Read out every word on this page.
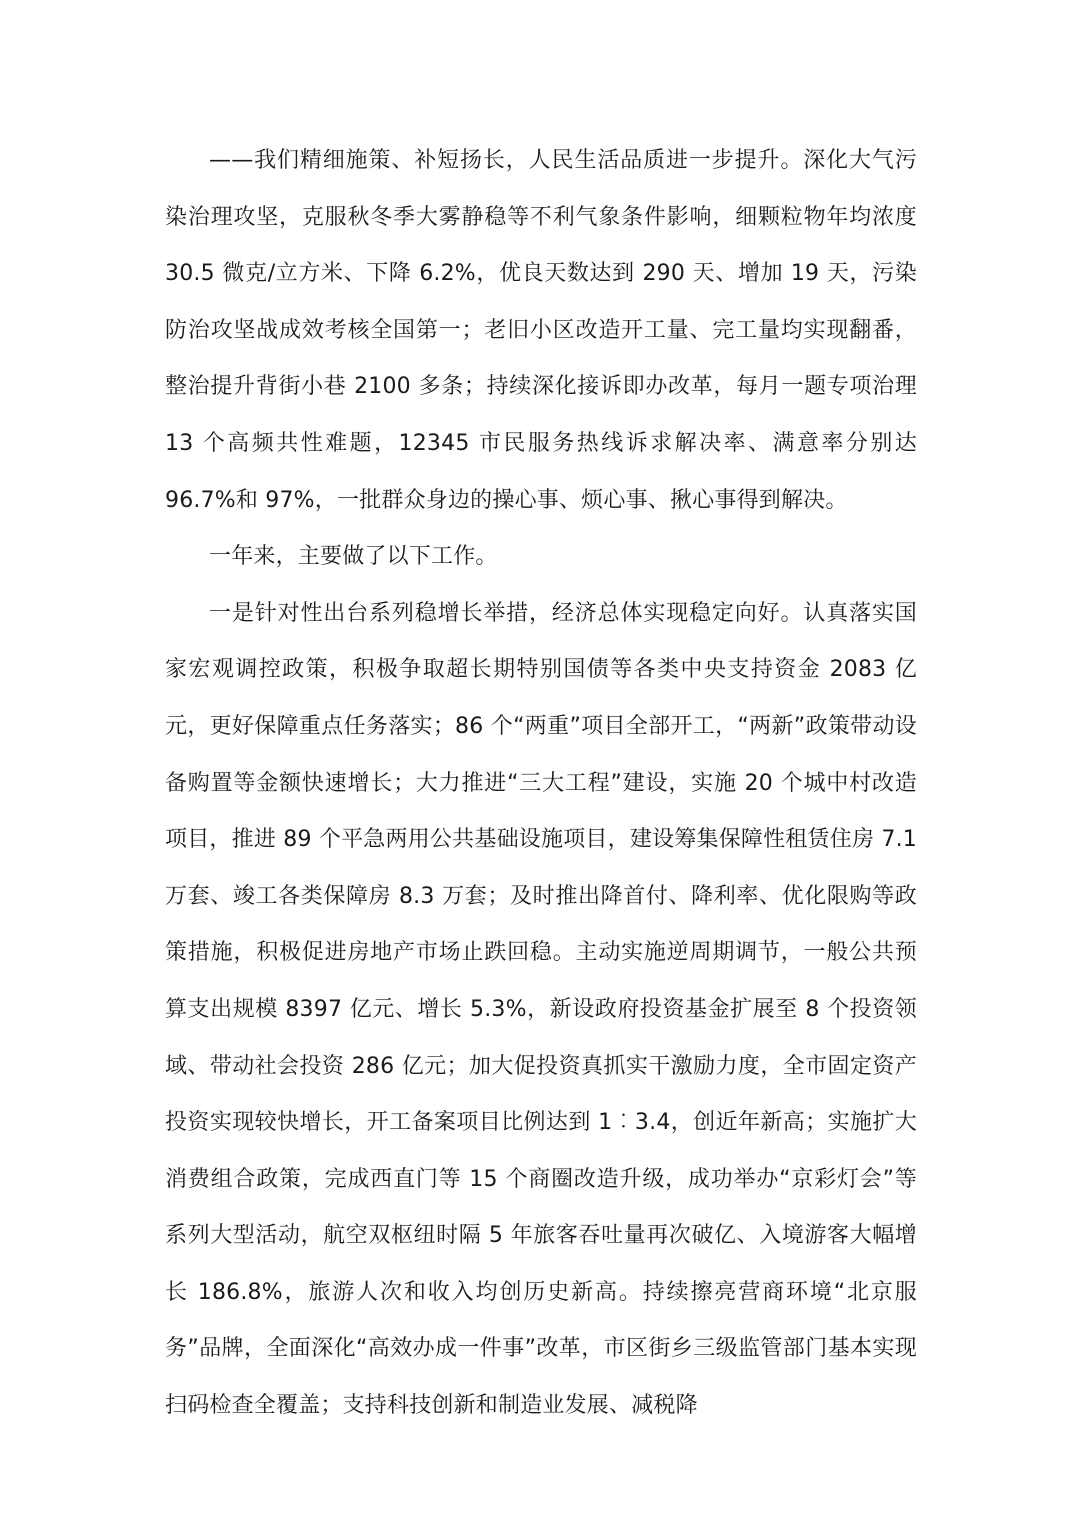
——我们精细施策、补短扬长，人民生活品质进一步提升。深化大气污染治理攻坚，克服秋冬季大雾静稳等不利气象条件影响，细颗粒物年均浓度 30.5 微克/立方米、下降 6.2%，优良天数达到 290 天、增加 19 天，污染防治攻坚战成效考核全国第一；老旧小区改造开工量、完工量均实现翻番，整治提升背街小巷 2100 多条；持续深化接诉即办改革，每月一题专项治理 13 个高频共性难题，12345 市民服务热线诉求解决率、满意率分别达 96.7%和 97%，一批群众身边的操心事、烦心事、揪心事得到解决。

一年来，主要做了以下工作。

一是针对性出台系列稳增长举措，经济总体实现稳定向好。认真落实国家宏观调控政策，积极争取超长期特别国债等各类中央支持资金 2083 亿元，更好保障重点任务落实；86 个“两重”项目全部开工，“两新”政策带动设备购置等金额快速增长；大力推进“三大工程”建设，实施 20 个城中村改造项目，推进 89 个平急两用公共基础设施项目，建设筹集保障性租赁住房 7.1 万套、竣工各类保障房 8.3 万套；及时推出降首付、降利率、优化限购等政策措施，积极促进房地产市场止跌回稳。主动实施逆周期调节，一般公共预算支出规模 8397 亿元、增长 5.3%，新设政府投资基金扩展至 8 个投资领域、带动社会投资 286 亿元；加大促投资真抓实干激励力度，全市固定资产投资实现较快增长，开工备案项目比例达到 1︰3.4，创近年新高；实施扩大消费组合政策，完成西直门等 15 个商圈改造升级，成功举办“京彩灯会”等系列大型活动，航空双枢纽时隔 5 年旅客吞吐量再次破亿、入境游客大幅增长 186.8%，旅游人次和收入均创历史新高。持续擦亮营商环境“北京服务”品牌，全面深化“高效办成一件事”改革，市区街乡三级监管部门基本实现扫码检查全覆盖；支持科技创新和制造业发展、减税降
